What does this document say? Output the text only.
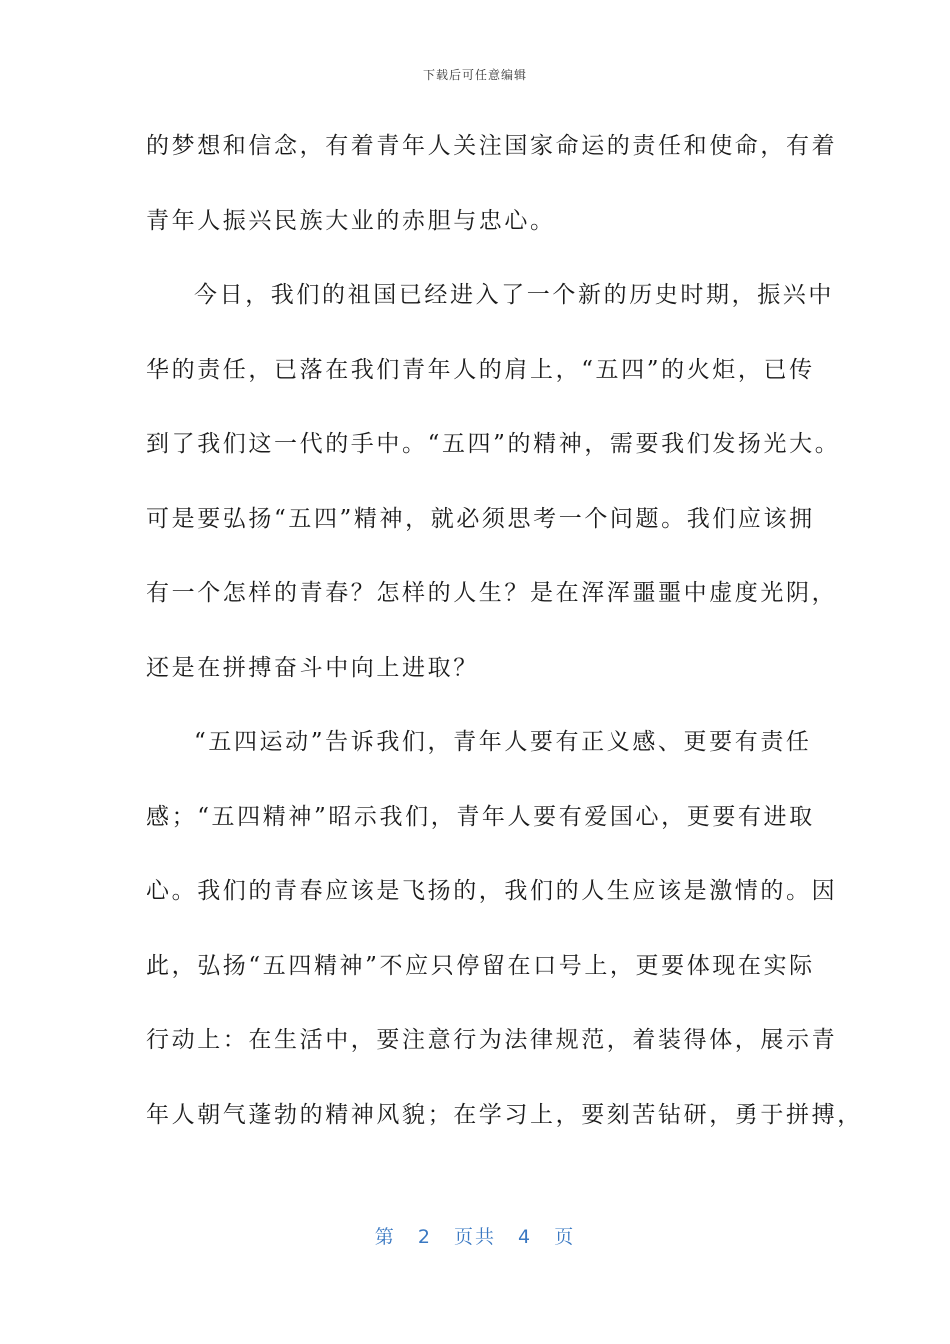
下载后可任意编辑
的梦想和信念，有着青年人关注国家命运的责任和使命，有着
青年人振兴民族大业的赤胆与忠心。
今日，我们的祖国已经进入了一个新的历史时期，振兴中
华的责任，已落在我们青年人的肩上，“五四”的火炬，已传
到了我们这一代的手中。“五四”的精神，需要我们发扬光大。
可是要弘扬“五四”精神，就必须思考一个问题。我们应该拥
有一个怎样的青春？怎样的人生？是在浑浑噩噩中虚度光阴，
还是在拼搏奋斗中向上进取？
“五四运动”告诉我们，青年人要有正义感、更要有责任
感；“五四精神”昭示我们，青年人要有爱国心，更要有进取
心。我们的青春应该是飞扬的，我们的人生应该是激情的。因
此，弘扬“五四精神”不应只停留在口号上，更要体现在实际
行动上：在生活中，要注意行为法律规范，着装得体，展示青
年人朝气蓬勃的精神风貌；在学习上，要刻苦钻研，勇于拼搏，
第 2 页共 4 页
